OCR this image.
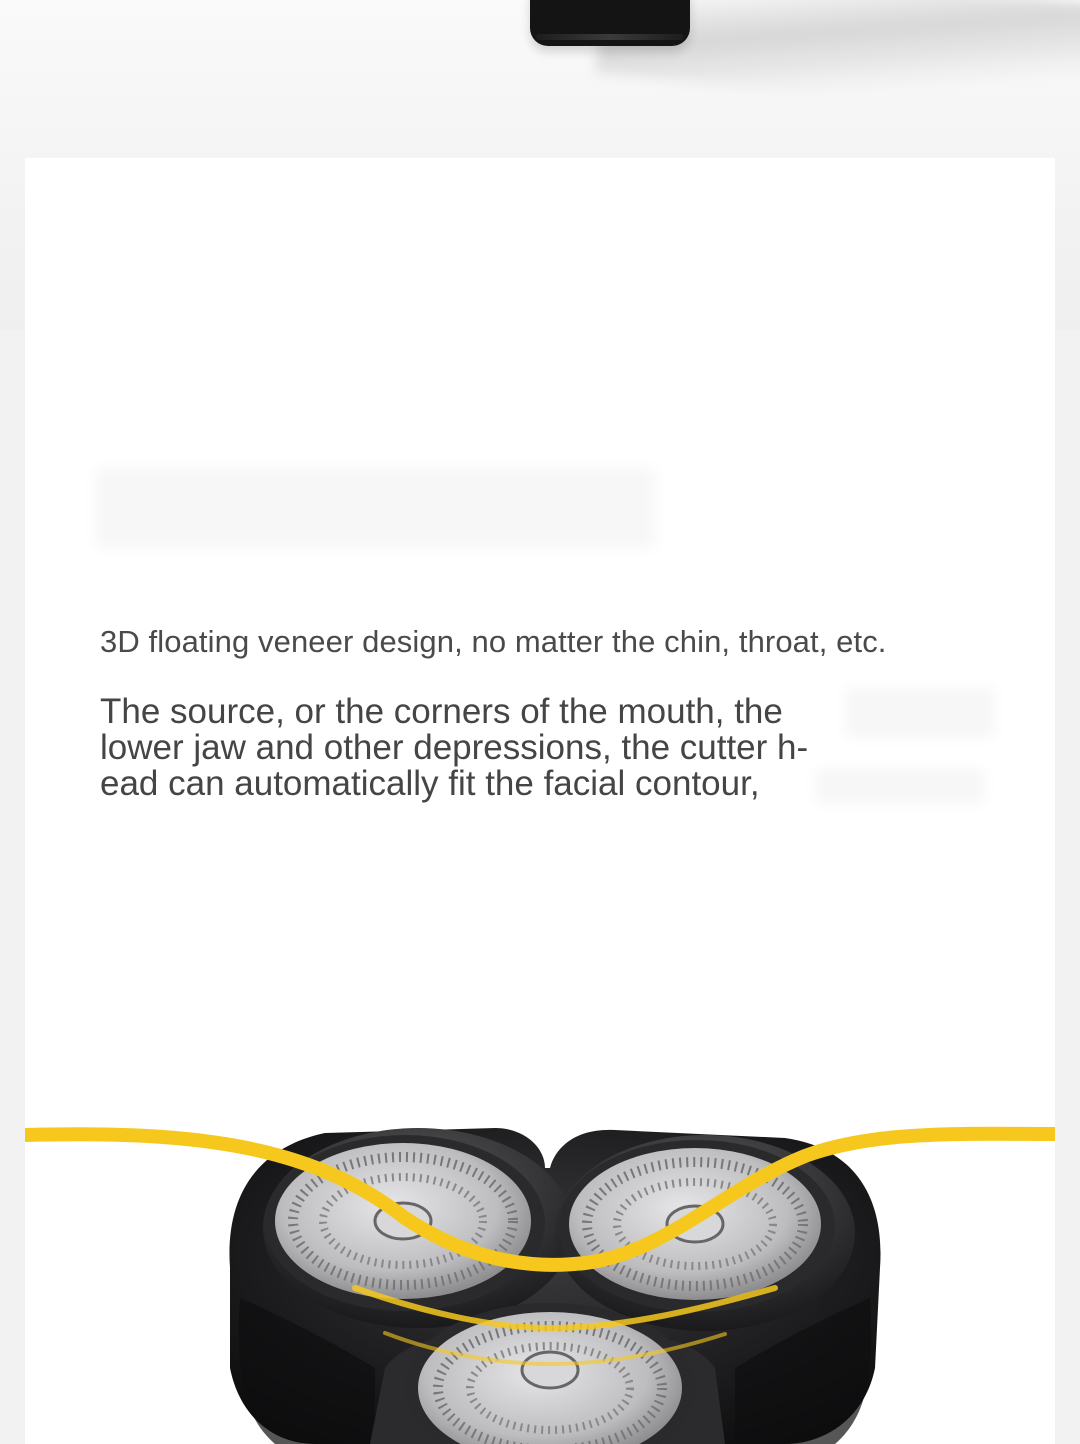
3D floating veneer design, no matter the chin, throat, etc.
The source, or the corners of the mouth, the
lower jaw and other depressions, the cutter h-
ead can automatically fit the facial contour,
